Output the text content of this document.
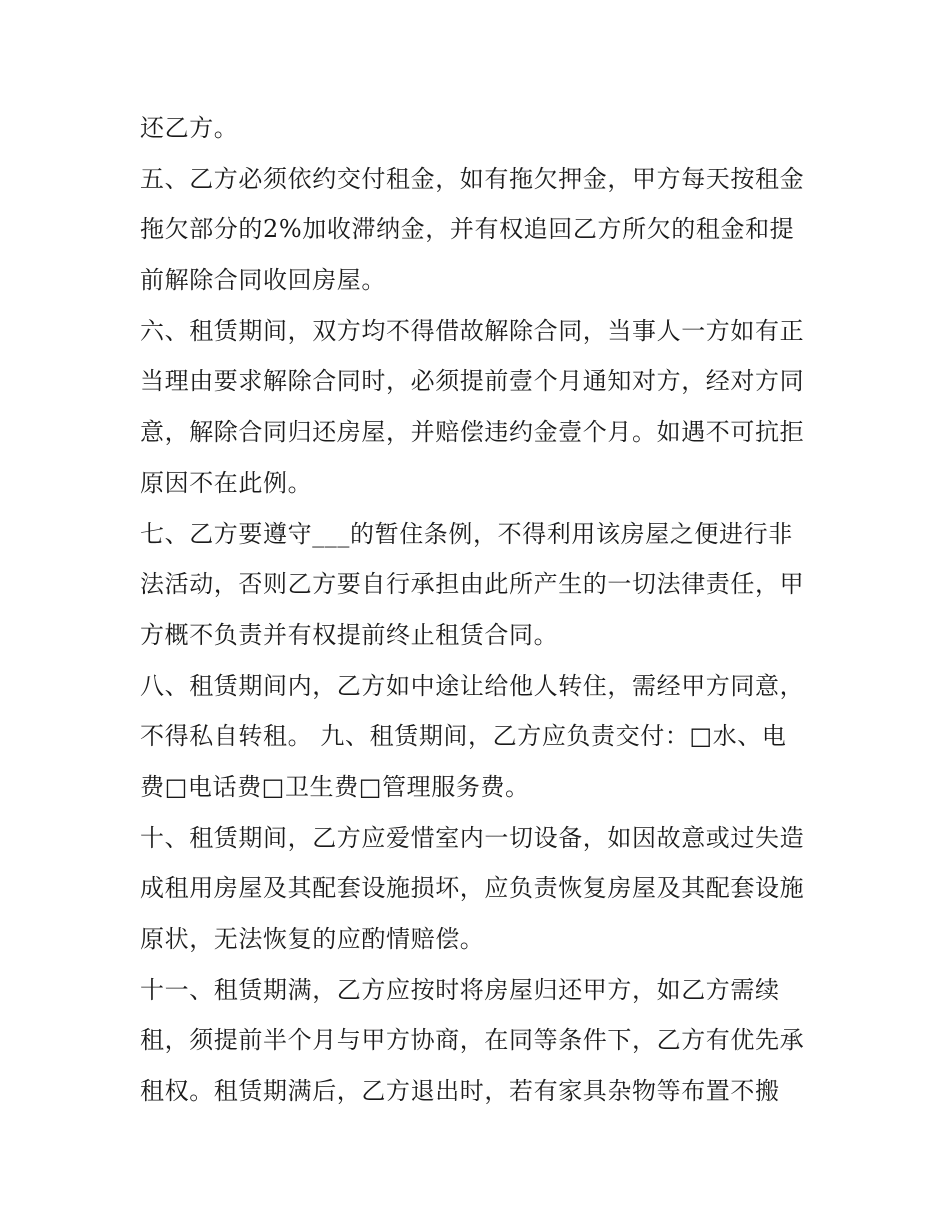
还乙方。
五、乙方必须依约交付租金，如有拖欠押金，甲方每天按租金
拖欠部分的2%加收滞纳金，并有权追回乙方所欠的租金和提
前解除合同收回房屋。
六、租赁期间，双方均不得借故解除合同，当事人一方如有正
当理由要求解除合同时，必须提前壹个月通知对方，经对方同
意，解除合同归还房屋，并赔偿违约金壹个月。如遇不可抗拒
原因不在此例。
七、乙方要遵守___的暂住条例，不得利用该房屋之便进行非
法活动，否则乙方要自行承担由此所产生的一切法律责任，甲
方概不负责并有权提前终止租赁合同。
八、租赁期间内，乙方如中途让给他人转住，需经甲方同意，
不得私自转租。 九、租赁期间，乙方应负责交付：□水、电
费□电话费□卫生费□管理服务费。
十、租赁期间，乙方应爱惜室内一切设备，如因故意或过失造
成租用房屋及其配套设施损坏，应负责恢复房屋及其配套设施
原状，无法恢复的应酌情赔偿。
十一、租赁期满，乙方应按时将房屋归还甲方，如乙方需续
租，须提前半个月与甲方协商，在同等条件下，乙方有优先承
租权。租赁期满后，乙方退出时，若有家具杂物等布置不搬
